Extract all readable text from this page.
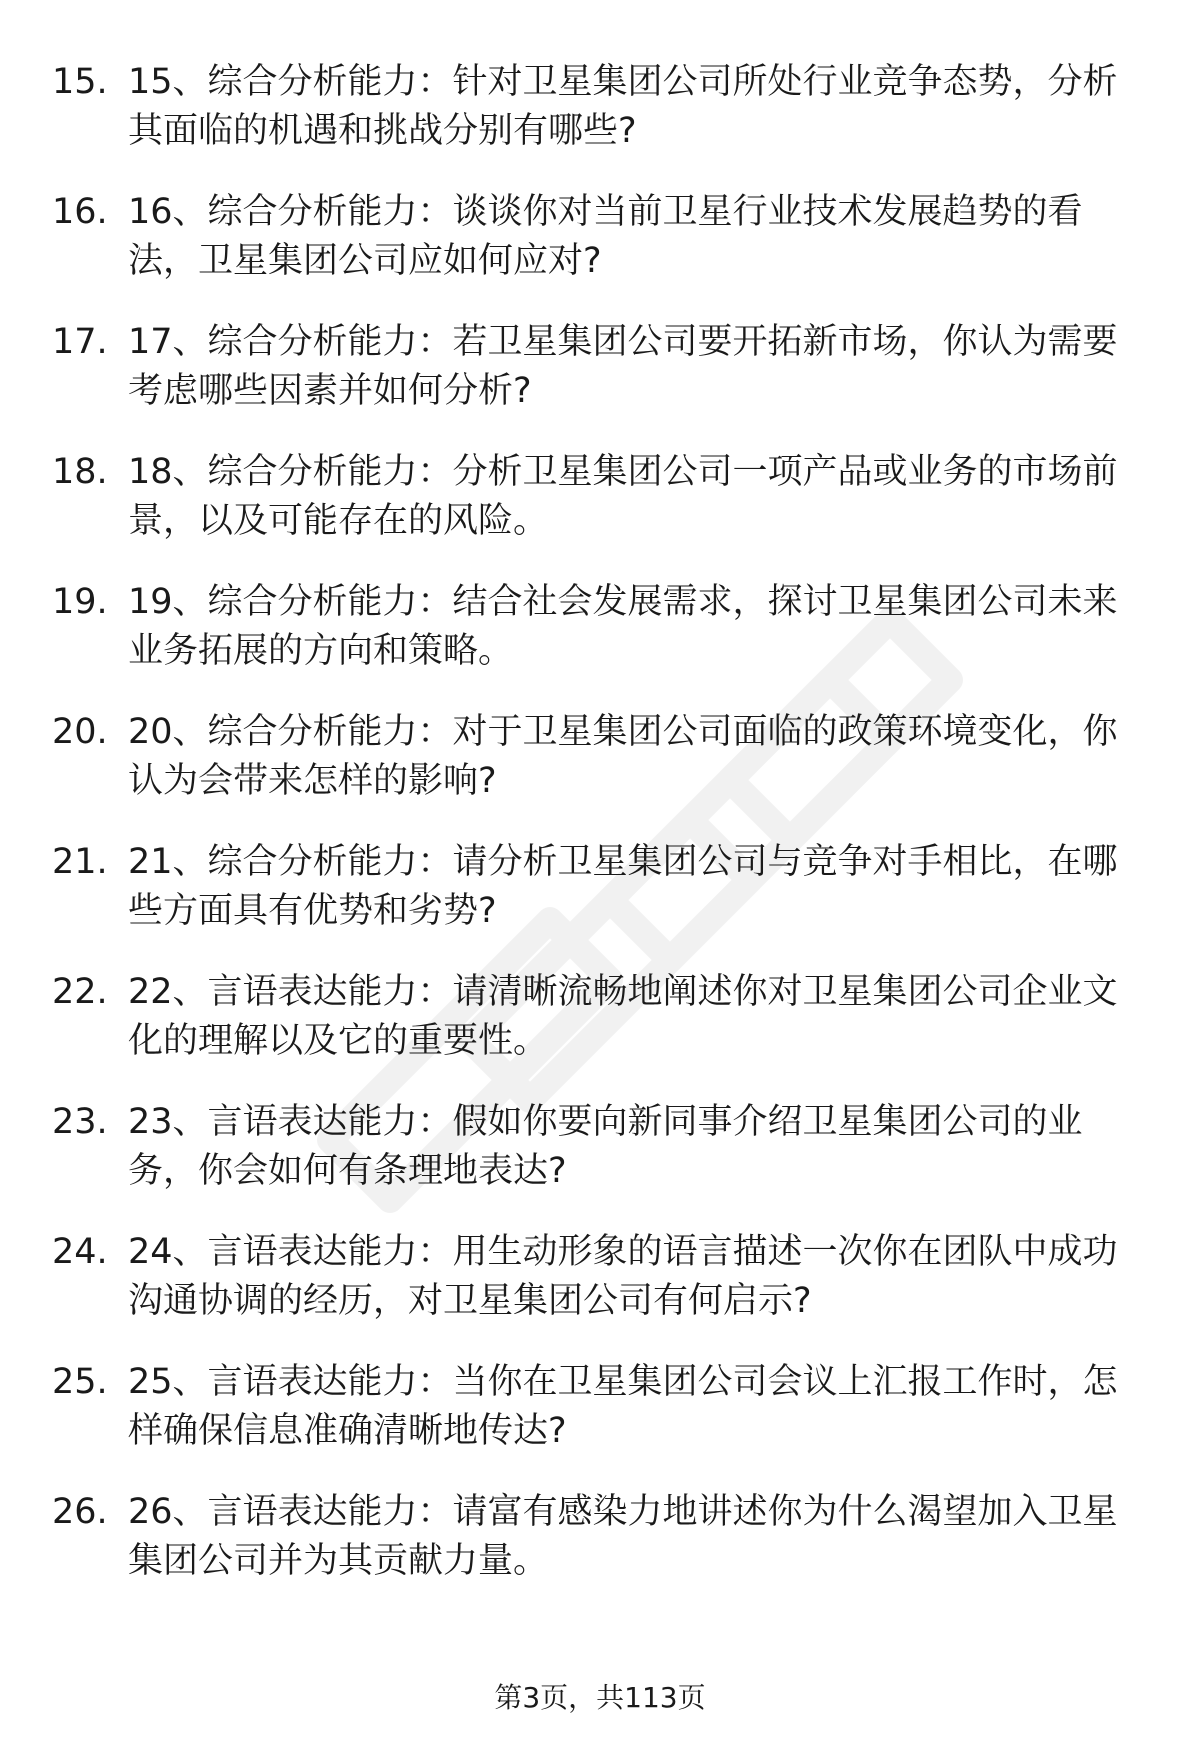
15. 15、综合分析能力：针对卫星集团公司所处行业竞争态势，分析其面临的机遇和挑战分别有哪些?
16. 16、综合分析能力：谈谈你对当前卫星行业技术发展趋势的看法，卫星集团公司应如何应对?
17. 17、综合分析能力：若卫星集团公司要开拓新市场，你认为需要考虑哪些因素并如何分析?
18. 18、综合分析能力：分析卫星集团公司一项产品或业务的市场前景，以及可能存在的风险。
19. 19、综合分析能力：结合社会发展需求，探讨卫星集团公司未来业务拓展的方向和策略。
20. 20、综合分析能力：对于卫星集团公司面临的政策环境变化，你认为会带来怎样的影响?
21. 21、综合分析能力：请分析卫星集团公司与竞争对手相比，在哪些方面具有优势和劣势?
22. 22、言语表达能力：请清晰流畅地阐述你对卫星集团公司企业文化的理解以及它的重要性。
23. 23、言语表达能力：假如你要向新同事介绍卫星集团公司的业务，你会如何有条理地表达?
24. 24、言语表达能力：用生动形象的语言描述一次你在团队中成功沟通协调的经历，对卫星集团公司有何启示?
25. 25、言语表达能力：当你在卫星集团公司会议上汇报工作时，怎样确保信息准确清晰地传达?
26. 26、言语表达能力：请富有感染力地讲述你为什么渴望加入卫星集团公司并为其贡献力量。
第3页，共113页
